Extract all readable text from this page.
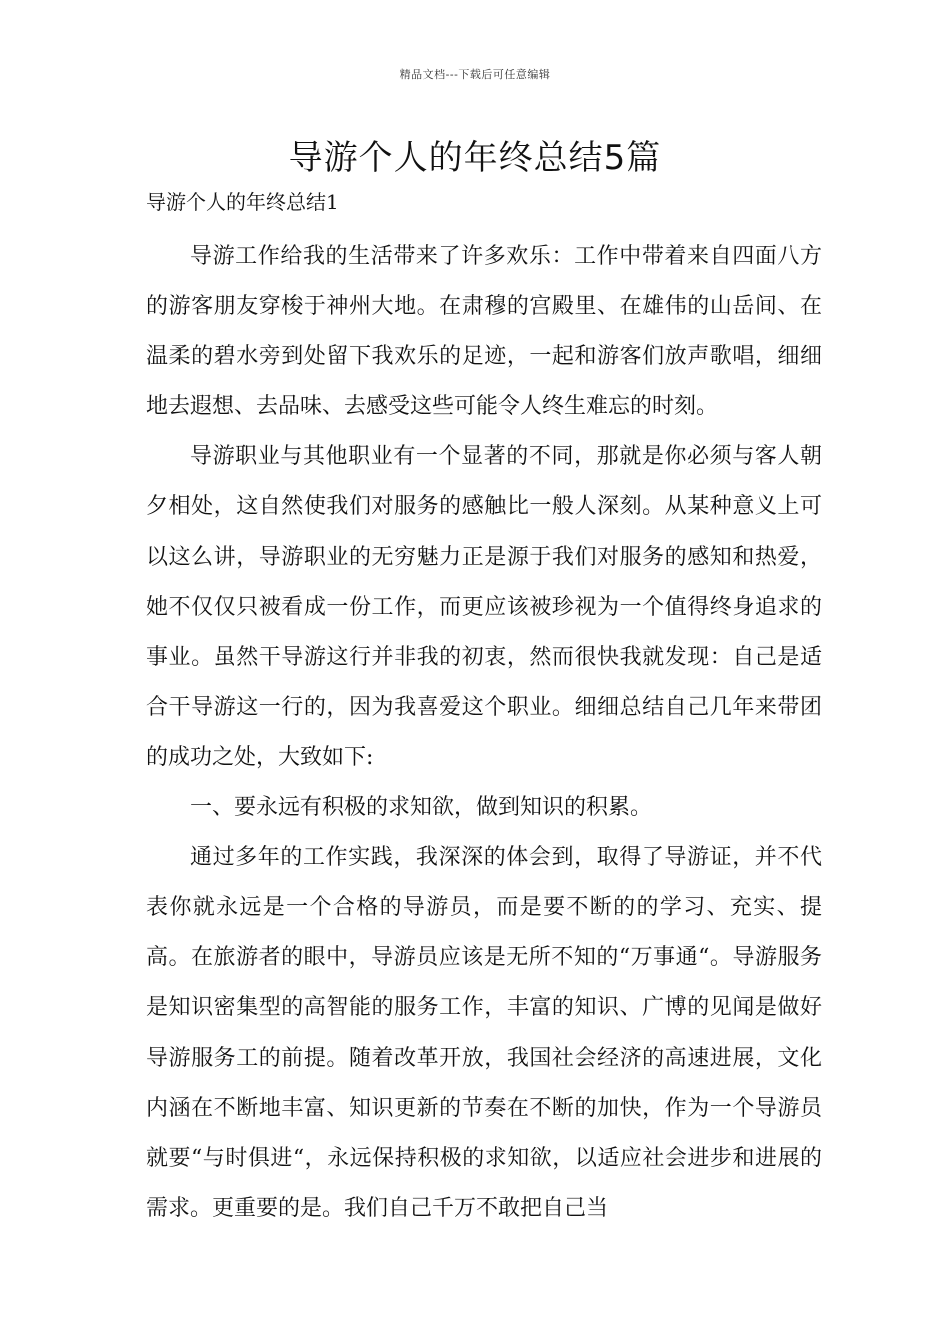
精品文档---下载后可任意编辑
导游个人的年终总结5篇
导游个人的年终总结1

导游工作给我的生活带来了许多欢乐：工作中带着来自四面八方的游客朋友穿梭于神州大地。在肃穆的宫殿里、在雄伟的山岳间、在温柔的碧水旁到处留下我欢乐的足迹，一起和游客们放声歌唱，细细地去遐想、去品味、去感受这些可能令人终生难忘的时刻。

导游职业与其他职业有一个显著的不同，那就是你必须与客人朝夕相处，这自然使我们对服务的感触比一般人深刻。从某种意义上可以这么讲，导游职业的无穷魅力正是源于我们对服务的感知和热爱，她不仅仅只被看成一份工作，而更应该被珍视为一个值得终身追求的事业。虽然干导游这行并非我的初衷，然而很快我就发现：自己是适合干导游这一行的，因为我喜爱这个职业。细细总结自己几年来带团的成功之处，大致如下:

一、要永远有积极的求知欲，做到知识的积累。

通过多年的工作实践，我深深的体会到，取得了导游证，并不代表你就永远是一个合格的导游员，而是要不断的的学习、充实、提高。在旅游者的眼中，导游员应该是无所不知的“万事通“。导游服务是知识密集型的高智能的服务工作，丰富的知识、广博的见闻是做好导游服务工的前提。随着改革开放，我国社会经济的高速进展，文化内涵在不断地丰富、知识更新的节奏在不断的加快，作为一个导游员就要“与时俱进“，永远保持积极的求知欲，以适应社会进步和进展的需求。更重要的是。我们自己千万不敢把自己当
